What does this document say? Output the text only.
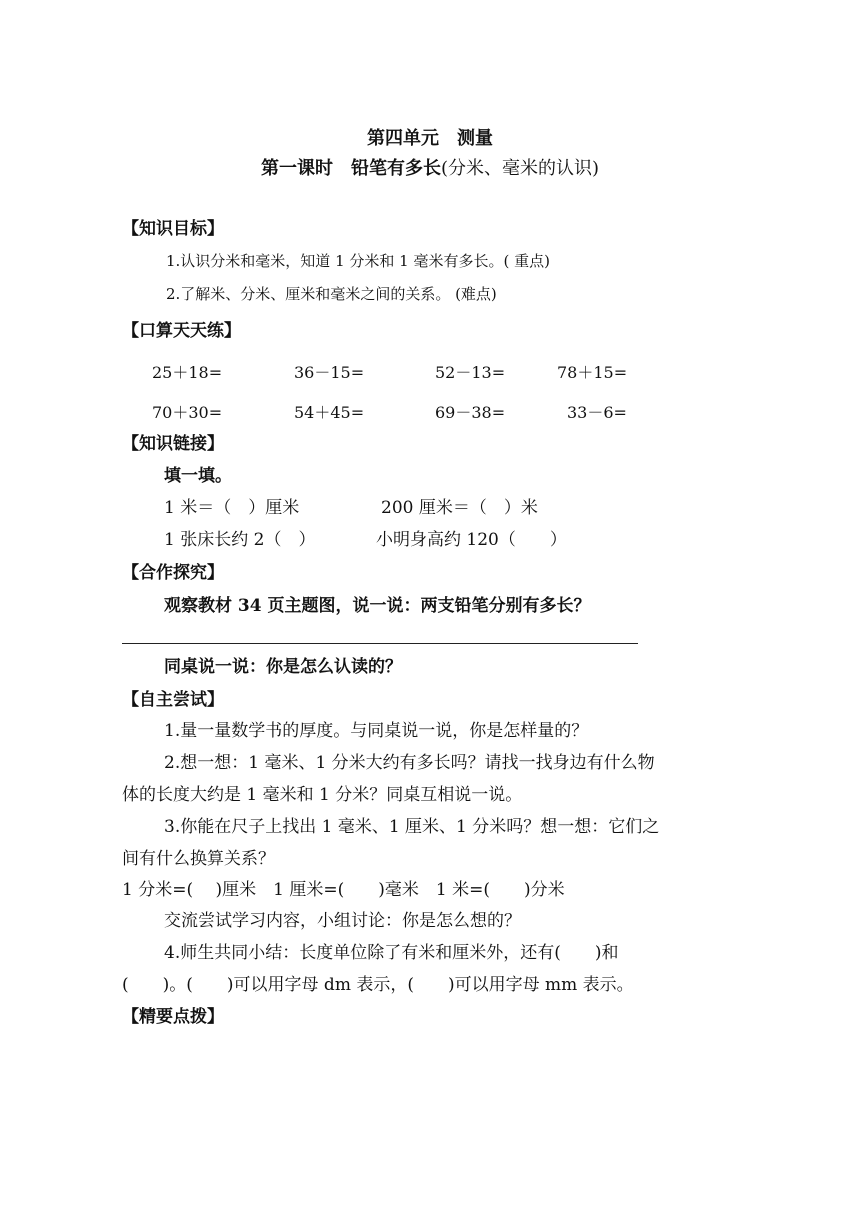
第四单元　测量
第一课时　铅笔有多长(分米、毫米的认识)
【知识目标】
1.认识分米和毫米，知道 1 分米和 1 毫米有多长。( 重点)
2.了解米、分米、厘米和毫米之间的关系。 (难点)
【口算天天练】
25＋18=	36－15=	52－13=	78＋15=
70＋30=	54＋45=	69－38=	33－6=
【知识链接】
填一填。
1 米＝（　）厘米	200 厘米＝（　）米
1 张床长约 2（　）	小明身高约 120（　　）
【合作探究】
观察教材 34 页主题图，说一说：两支铅笔分别有多长？
同桌说一说：你是怎么认读的？
【自主尝试】
1.量一量数学书的厚度。与同桌说一说，你是怎样量的？
2.想一想：1 毫米、1 分米大约有多长吗？请找一找身边有什么物
体的长度大约是 1 毫米和 1 分米？同桌互相说一说。
3.你能在尺子上找出 1 毫米、1 厘米、1 分米吗？想一想：它们之
间有什么换算关系？
1 分米=(　 )厘米　1 厘米=(　　)毫米　1 米=(　　)分米
交流尝试学习内容，小组讨论：你是怎么想的？
4.师生共同小结：长度单位除了有米和厘米外，还有(　　)和
(　　)。(　　)可以用字母 dm 表示，(　　)可以用字母 mm 表示。
【精要点拨】
